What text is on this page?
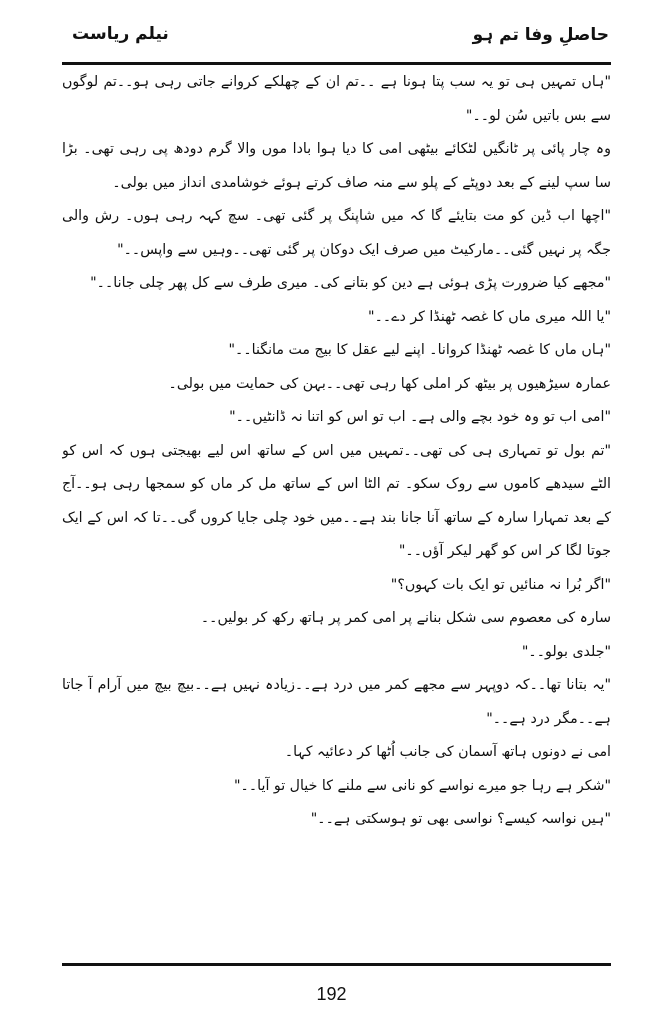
حاصلِ وفا تم ہو
نیلم ریاست

"ہاں تمہیں ہی تو یہ سب پتا ہونا ہے ۔۔تم ان کے چھلکے کروانے جاتی رہی ہو۔۔تم لوگوں سے بس باتیں سُن لو۔۔"

وہ چار پائی پر ٹانگیں لٹکائے بیٹھی امی کا دیا ہوا بادا موں والا گرم دودھ پی رہی تھی۔ بڑا سا سپ لینے کے بعد دوپٹے کے پلو سے منہ صاف کرتے ہوئے خوشامدی انداز میں بولی۔

"اچھا اب ڈین کو مت بتایئے گا کہ میں شاپنگ پر گئی تھی۔ سچ کہہ رہی ہوں۔ رش والی جگہ پر نہیں گئی۔۔مارکیٹ میں صرف ایک دوکان پر گئی تھی۔۔وہیں سے واپس۔۔"

"مجھے کیا ضرورت پڑی ہوئی ہے دین کو بتانے کی۔ میری طرف سے کل پھر چلی جانا۔۔"

"یا اللہ میری ماں کا غصہ ٹھنڈا کر دے۔۔"

"ہاں ماں کا غصہ ٹھنڈا کروانا۔ اپنے لیے عقل کا بیج مت مانگنا۔۔"

عمارہ سیڑھیوں پر بیٹھ کر املی کھا رہی تھی۔۔بہن کی حمایت میں بولی۔

"امی اب تو وہ خود بچے والی ہے۔ اب تو اس کو اتنا نہ ڈانٹیں۔۔"

"تم بول تو تمہاری ہی کی تھی۔۔تمہیں میں اس کے ساتھ اس لیے بھیجتی ہوں کہ اس کو الٹے سیدھے کاموں سے روک سکو۔ تم الٹا اس کے ساتھ مل کر ماں کو سمجھا رہی ہو۔۔آج کے بعد تمہارا سارہ کے ساتھ آنا جانا بند ہے۔۔میں خود چلی جایا کروں گی۔۔تا کہ اس کے ایک جوتا لگا کر اس کو گھر لیکر آؤں۔۔"

"اگر بُرا نہ منائیں تو ایک بات کہوں؟"

سارہ کی معصوم سی شکل بنانے پر امی کمر پر ہاتھ رکھ کر بولیں۔۔

"جلدی بولو۔۔"

"یہ بتانا تھا۔۔کہ دوپہر سے مجھے کمر میں درد ہے۔۔زیادہ نہیں ہے۔۔بیچ بیچ میں آرام آ جاتا ہے۔۔مگر درد ہے۔۔"

امی نے دونوں ہاتھ آسمان کی جانب اُٹھا کر دعائیہ کہا۔

"شکر ہے رہا جو میرے نواسے کو نانی سے ملنے کا خیال تو آیا۔۔"

"ہیں نواسہ کیسے؟ نواسی بھی تو ہوسکتی ہے۔۔"

192
